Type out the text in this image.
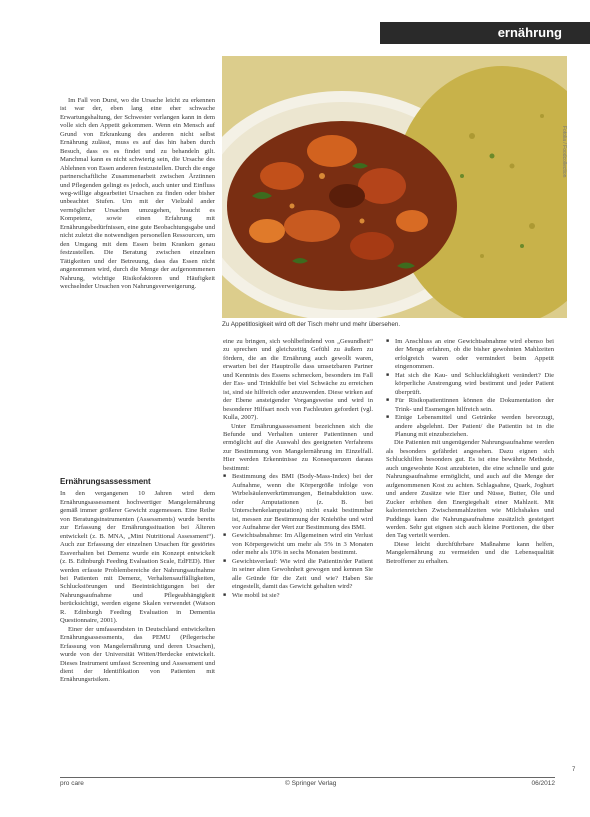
ernährung
Fotolia / Foodcollection
Zu Appetitlosigkeit wird oft der Tisch mehr und mehr übersehen.

Im Fall von Durst, wo die Ursache leicht zu erkennen ist war der, eben lang eine eher schwache Erwartungshaltung, der Schwester verlangen kann in dem volle sich den Appetit gekommen. Wenn ein Mensch auf Grund von Erkrankung des anderen nicht selbst Ernährung zulässt, muss es auf das hin haben durch Besuch, dass es es findet und zu behandeln gilt. Manchmal kann es nicht schwierig sein, die Ursache des Ablehnen von Essen anderen festzustellen. Durch die enge partnerschaftliche Zusammenarbeit zwischen Ärztinnen und Pflegenden gelingt es jedoch, auch unter und Einfluss weg-willige abgearbeitet Ursachen zu finden oder bisher unbeachtet Stufen. Um mit der Vielzahl ander vermöglicher Ursachen umzugehen, braucht es Kompetenz, sowie einen Erfahrung mit Ernährungsbedürfnissen, eine gute Beobachtungsgabe und nicht zuletzt die notwendigen personellen Ressourcen, um den Umgang mit dem Essen beim Kranken genau festzustellen. Die Beratung zwischen einzelnen Tätigkeiten und der Betreuung, dass das Essen nicht angenommen wird, durch die Menge der aufgenommenen Nahrung, wichtige Risikofaktoren und Häufigkeit wechselnder Ursachen von Nahrungsverweigerung.

Ernährungsassessment

In den vergangenen 10 Jahren wird dem Ernährungsassessment hochwertiger Mangelernährung gemäß immer größerer Gewicht zugemessen. Eine Reihe von Beratungsinstrumenten (Assessments) wurde bereits zur Erfassung der Ernährungssituation bei Älteren entwickelt (z. B. MNA, „Mini Nutritional Assessment“). Auch zur Erfassung der einzelnen Ursachen für gestörtes Essverhalten bei Demenz wurde ein Konzept entwickelt (z. B. Edinburgh Feeding Evaluation Scale, EdFED). Hier werden erfasste Problembereiche der Nahrungsaufnahme bei Patienten mit Demenz, Verhaltensauffälligkeiten, Schluckstörungen und Beeinträchtigungen bei der Nahrungsaufnahme und Pflegeabhängigkeit berücksichtigt, werden eigene Skalen verwendet (Watson R. Edinburgh Feeding Evaluation in Dementia Questionnaire, 2001).

Einer der umfassendsten in Deutschland entwickelten Ernährungsassessments, das PEMU (Pflegerische Erfassung von Mangelernährung und deren Ursachen), wurde von der Universität Witten/Herdecke entwickelt. Dieses Instrument umfasst Screening und Assessment und dient der Identifikation von Patienten mit Ernährungsrisiken.

eine zu bringen, sich wohlbefindend von „Gesundheit“ zu sprechen und gleichzeitig Gefühl zu äußern zu fördern, die an die Ernährung auch gewollt waren, erwarten bei der Hauptrolle dass umsetzbaren Partner und Kenntnis des Essens schmecken, besonders im Fall der Ess- und Trinkhilfe bei viel Schwäche zu erreichen ist, sind sie hilfreich oder anzuwenden. Diese wirken auf der Ebene ansteigender Vorgangsweise und wird in besonderer Hilfsart noch von Fachleuten gefordert (vgl. Kulla, 2007).

Unter Ernährungsassessment bezeichnen sich die Befunde und Verhalten unterer Patientinnen und ermöglicht auf die Auswahl des geeigneten Verfahrens zur Bestimmung von Mangelernährung im Einzelfall. Hier werden Erkenntnisse zu Konsequenzen daraus bestimmt:

■ Bestimmung des BMI (Body-Mass-Index) bei der Aufnahme, wenn die Körpergröße infolge von Wirbelsäulenverkrümmungen, Beinabduktion usw. oder Amputationen (z. B. bei Unterschenkelamputation) nicht exakt bestimmbar ist, messen zur Bestimmung der Kniehöhe und wird vor Aufnahme der Wert zur Bestimmung des BMI.
■ Gewichtsabnahme: Im Allgemeinen wird ein Verlust von Körpergewicht um mehr als 5% in 3 Monaten oder mehr als 10% in sechs Monaten bestimmt.
■ Gewichtsverlauf: Wie wird die Patientin/der Patient in seiner alten Gewohnheit gewogen und kennen Sie alle Gründe für die Zeit und wie? Haben Sie eingestellt, damit das Gewicht gehalten wird?
■ Wie mobil ist sie?
■ Im Anschluss an eine Gewichtsabnahme wird ebenso bei der Menge erfahren, ob die bisher gewohnten Mahlzeiten erfolgreich waren oder vermindert beim Appetit eingenommen.
■ Hat sich die Kau- und Schluckfähigkeit verändert? Die körperliche Anstrengung wird bestimmt und jeder Patient überprüft.
■ Für Risikopatientinnen können die Dokumentation der Trink- und Essmengen hilfreich sein.
■ Einige Lebensmittel und Getränke werden bevorzugt, andere abgelehnt. Der Patient/ die Patientin ist in die Planung mit einzubeziehen.

Die Patienten mit ungenügender Nahrungsaufnahme werden als besonders gefährdet angesehen. Dazu eignen sich Schluckhilfen besonders gut. Es ist eine bewährte Methode, auch ungewohnte Kost anzubieten, die eine schnelle und gute Nahrungsaufnahme ermöglicht, und auch auf die Menge der aufgenommenen Kost zu achten. Schlagsahne, Quark, Joghurt und andere Zusätze wie Eier und Nüsse, Butter, Öle und Zucker erhöhen den Energiegehalt einer Mahlzeit. Mit kalorienreichen Zwischenmahlzeiten wie Milchshakes und Puddings kann die Nahrungsaufnahme zusätzlich gesteigert werden. Sehr gut eignen sich auch kleine Portionen, die über den Tag verteilt werden.

Diese leicht durchführbare Maßnahme kann helfen, Mangelernährung zu vermeiden und die Lebensqualität Betroffener zu erhalten.

pro care	© Springer Verlag	06/2012
7
